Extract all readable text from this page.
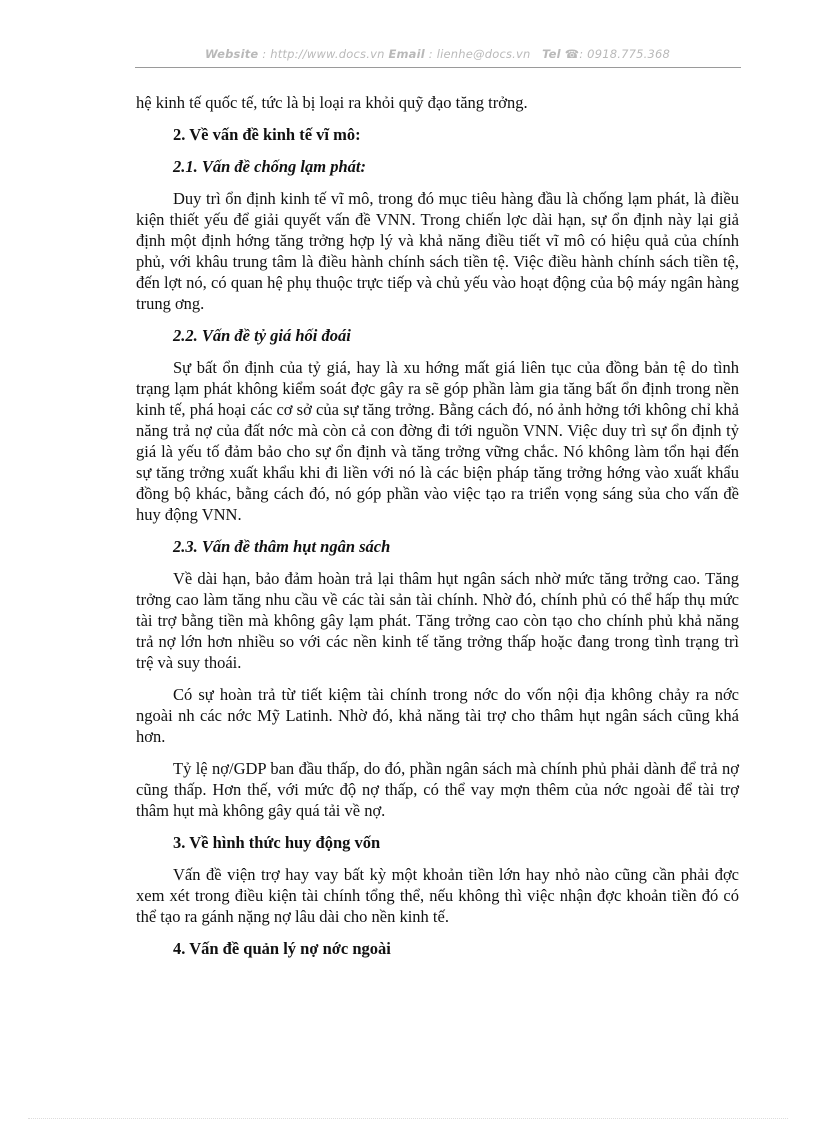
Website : http://www.docs.vn Email : lienhe@docs.vn Tel ☎: 0918.775.368

hệ kinh tế quốc tế, tức là bị loại ra khỏi quỹ đạo tăng trởng.

2. Về vấn đề kinh tế vĩ mô:
2.1. Vấn đề chống lạm phát:

Duy trì ổn định kinh tế vĩ mô, trong đó mục tiêu hàng đầu là chống lạm phát, là điều kiện thiết yếu để giải quyết vấn đề VNN. Trong chiến lợc dài hạn, sự ổn định này lại giả định một định hớng tăng trởng hợp lý và khả năng điều tiết vĩ mô có hiệu quả của chính phủ, với khâu trung tâm là điều hành chính sách tiền tệ. Việc điều hành chính sách tiền tệ, đến lợt nó, có quan hệ phụ thuộc trực tiếp và chủ yếu vào hoạt động của bộ máy ngân hàng trung ơng.

2.2. Vấn đề tỷ giá hối đoái

Sự bất ổn định của tỷ giá, hay là xu hớng mất giá liên tục của đồng bản tệ do tình trạng lạm phát không kiểm soát đợc gây ra sẽ góp phần làm gia tăng bất ổn định trong nền kinh tế, phá hoại các cơ sở của sự tăng trởng. Bằng cách đó, nó ảnh hởng tới không chỉ khả năng trả nợ của đất nớc mà còn cả con đờng đi tới nguồn VNN. Việc duy trì sự ổn định tỷ giá là yếu tố đảm bảo cho sự ổn định và tăng trởng vững chắc. Nó không làm tổn hại đến sự tăng trởng xuất khẩu khi đi liền với nó là các biện pháp tăng trởng hớng vào xuất khẩu đồng bộ khác, bằng cách đó, nó góp phần vào việc tạo ra triển vọng sáng sủa cho vấn đề huy động VNN.

2.3. Vấn đề thâm hụt ngân sách

Về dài hạn, bảo đảm hoàn trả lại thâm hụt ngân sách nhờ mức tăng trởng cao. Tăng trởng cao làm tăng nhu cầu về các tài sản tài chính. Nhờ đó, chính phủ có thể hấp thụ mức tài trợ bằng tiền mà không gây lạm phát. Tăng trởng cao còn tạo cho chính phủ khả năng trả nợ lớn hơn nhiều so với các nền kinh tế tăng trởng thấp hoặc đang trong tình trạng trì trệ và suy thoái.

Có sự hoàn trả từ tiết kiệm tài chính trong nớc do vốn nội địa không chảy ra nớc ngoài nh các nớc Mỹ Latinh. Nhờ đó, khả năng tài trợ cho thâm hụt ngân sách cũng khá hơn.

Tỷ lệ nợ/GDP ban đầu thấp, do đó, phần ngân sách mà chính phủ phải dành để trả nợ cũng thấp. Hơn thế, với mức độ nợ thấp, có thể vay mợn thêm của nớc ngoài để tài trợ thâm hụt mà không gây quá tải về nợ.

3. Về hình thức huy động vốn

Vấn đề viện trợ hay vay bất kỳ một khoản tiền lớn hay nhỏ nào cũng cần phải đợc xem xét trong điều kiện tài chính tổng thể, nếu không thì việc nhận đợc khoản tiền đó có thể tạo ra gánh nặng nợ lâu dài cho nền kinh tế.

4. Vấn đề quản lý nợ nớc ngoài
